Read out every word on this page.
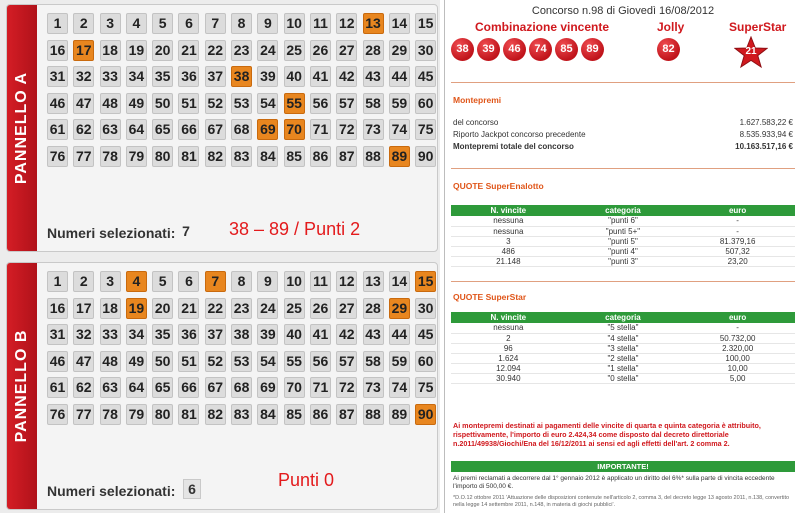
PANNELLO A
1	2	3	4	5	6	7	8	9	10 11 12 13 14 15
16 17 18 19 20 21 22 23 24 25 26 27 28 29 30
31 32 33 34 35 36 37 38 39 40 41 42 43 44 45
46 47 48 49 50 51 52 53 54 55 56 57 58 59 60
61 62 63 64 65 66 67 68 69 70 71 72 73 74 75
76 77 78 79 80 81 82 83 84 85 86 87 88 89 90
Numeri selezionati: 7 38 – 89 / Punti 2
PANNELLO B
1	2	3	4	5	6	7	8	9	10 11 12 13 14 15
16 17 18 19 20 21 22 23 24 25 26 27 28 29 30
31 32 33 34 35 36 37 38 39 40 41 42 43 44 45
46 47 48 49 50 51 52 53 54 55 56 57 58 59 60
61 62 63 64 65 66 67 68 69 70 71 72 73 74 75
76 77 78 79 80 81 82 83 84 85 86 87 88 89 90
Numeri selezionati: 6	Punti 0
Concorso n.98 di Giovedì 16/08/2012
Combinazione vincente	Jolly	SuperStar
38	39	46	74	85	89	82	21
Montepremi
del concorso	1.627.583,22 €
Riporto Jackpot concorso precedente	8.535.933,94 €
Montepremi totale del concorso	10.163.517,16 €
QUOTE SuperEnalotto
N. vincite	categoria	euro
nessuna	"punti 6"	-
nessuna	"punti 5+"	-
3	"punti 5"	81.379,16
486	"punti 4"	507,32
21.148	"punti 3"	23,20
QUOTE SuperStar
N. vincite	categoria	euro
nessuna	"5 stella"	-
2	"4 stella"	50.732,00
96	"3 stella"	2.320,00
1.624	"2 stella"	100,00
12.094	"1 stella"	10,00
30.940	"0 stella"	5,00
Ai montepremi destinati ai pagamenti delle vincite di quarta e quinta categoria è attribuito, rispettivamente, l'importo di euro 2.424,34 come disposto dal decreto direttoriale n.2011/49938/Giochi/Ena del 16/12/2011 ai sensi ed agli effetti dell'art. 2 comma 2.
IMPORTANTE!
Ai premi reclamati a decorrere dal 1° gennaio 2012 è applicato un diritto del 6%* sulla parte di vincita eccedente l'importo di 500,00 €.
*D.O.12 ottobre 2011 'Attuazione delle disposizioni contenute nell'articolo 2, comma 3, del decreto legge 13 agosto 2011, n.138, convertito nella legge 14 settembre 2011, n.148, in materia di giochi pubblici'.
